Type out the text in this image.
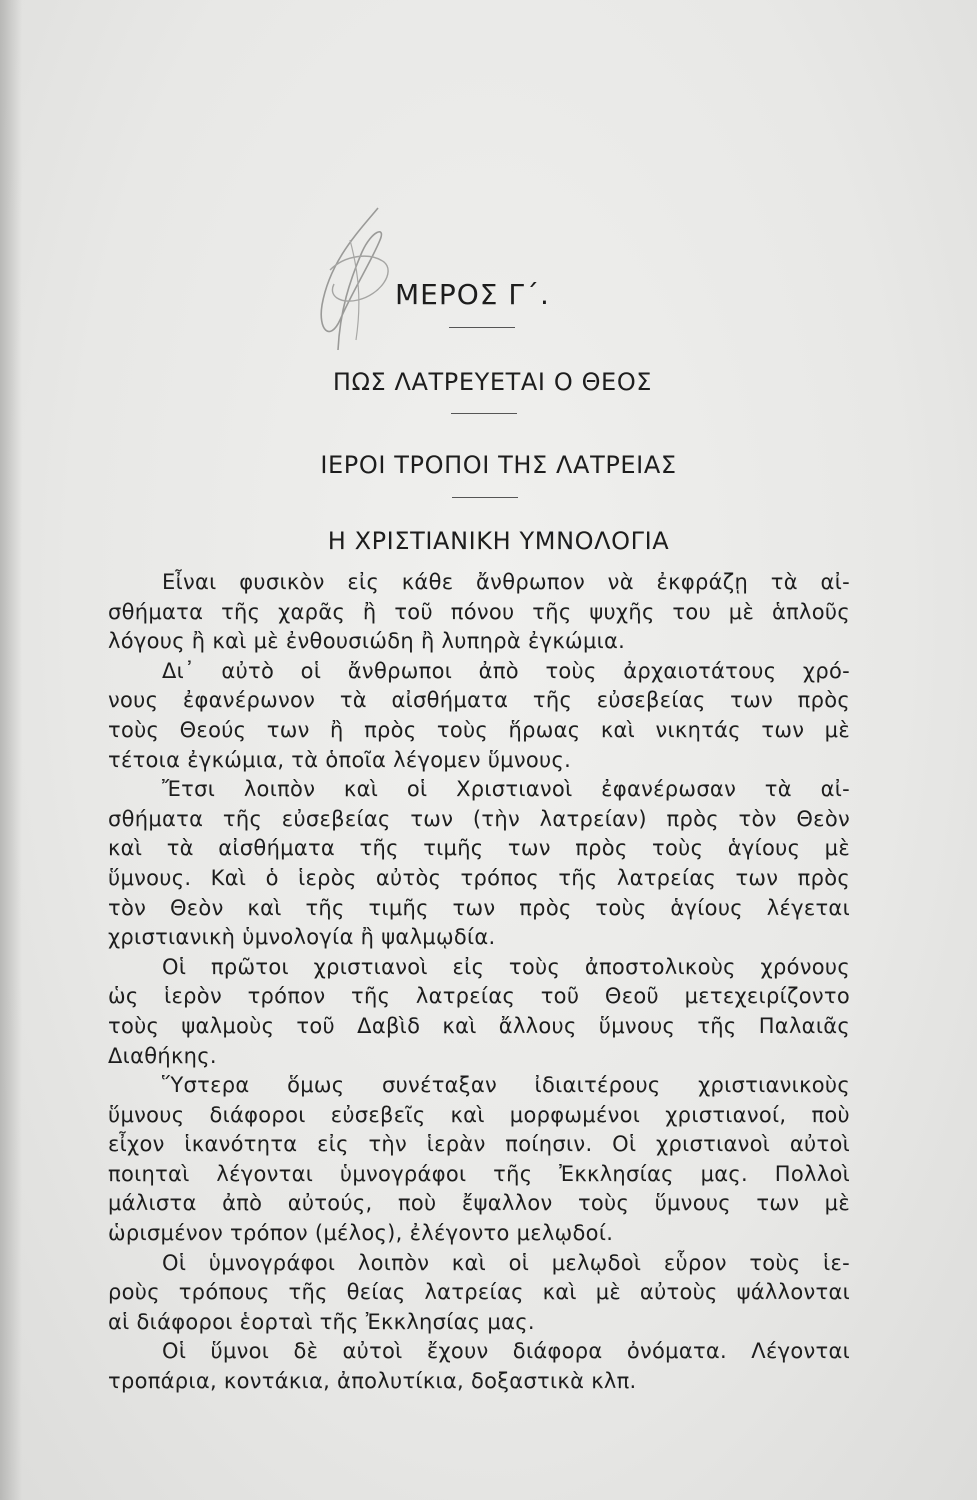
ΜΕΡΟΣ Γ΄.
ΠΩΣ ΛΑΤΡΕΥΕΤΑΙ Ο ΘΕΟΣ
ΙΕΡΟΙ ΤΡΟΠΟΙ ΤΗΣ ΛΑΤΡΕΙΑΣ
Η ΧΡΙΣΤΙΑΝΙΚΗ ΥΜΝΟΛΟΓΙΑ
Εἶναι φυσικὸν εἰς κάθε ἄνθρωπον νὰ ἐκφράζῃ τὰ αἰ-
σθήματα τῆς χαρᾶς ἢ τοῦ πόνου τῆς ψυχῆς του μὲ ἁπλοῦς
λόγους ἢ καὶ μὲ ἐνθουσιώδη ἢ λυπηρὰ ἐγκώμια.
Δι᾿ αὐτὸ οἱ ἄνθρωποι ἀπὸ τοὺς ἀρχαιοτάτους χρό-
νους ἐφανέρωνον τὰ αἰσθήματα τῆς εὐσεβείας των πρὸς
τοὺς Θεούς των ἢ πρὸς τοὺς ἥρωας καὶ νικητάς των μὲ
τέτοια ἐγκώμια, τὰ ὁποῖα λέγομεν ὕμνους.
Ἔτσι λοιπὸν καὶ οἱ Χριστιανοὶ ἐφανέρωσαν τὰ αἰ-
σθήματα τῆς εὐσεβείας των (τὴν λατρείαν) πρὸς τὸν Θεὸν
καὶ τὰ αἰσθήματα τῆς τιμῆς των πρὸς τοὺς ἁγίους μὲ
ὕμνους. Καὶ ὁ ἱερὸς αὐτὸς τρόπος τῆς λατρείας των πρὸς
τὸν Θεὸν καὶ τῆς τιμῆς των πρὸς τοὺς ἁγίους λέγεται
χριστιανικὴ ὑμνολογία ἢ ψαλμῳδία.
Οἱ πρῶτοι χριστιανοὶ εἰς τοὺς ἀποστολικοὺς χρόνους
ὡς ἱερὸν τρόπον τῆς λατρείας τοῦ Θεοῦ μετεχειρίζοντο
τοὺς ψαλμοὺς τοῦ Δαβὶδ καὶ ἄλλους ὕμνους τῆς Παλαιᾶς
Διαθήκης.
Ὕστερα ὅμως συνέταξαν ἰδιαιτέρους χριστιανικοὺς
ὕμνους διάφοροι εὐσεβεῖς καὶ μορφωμένοι χριστιανοί, ποὺ
εἶχον ἱκανότητα εἰς τὴν ἱερὰν ποίησιν. Οἱ χριστιανοὶ αὐτοὶ
ποιηταὶ λέγονται ὑμνογράφοι τῆς Ἐκκλησίας μας. Πολλοὶ
μάλιστα ἀπὸ αὐτούς, ποὺ ἔψαλλον τοὺς ὕμνους των μὲ
ὡρισμένον τρόπον (μέλος), ἐλέγοντο μελῳδοί.
Οἱ ὑμνογράφοι λοιπὸν καὶ οἱ μελῳδοὶ εὗρον τοὺς ἱε-
ροὺς τρόπους τῆς θείας λατρείας καὶ μὲ αὐτοὺς ψάλλονται
αἱ διάφοροι ἑορταὶ τῆς Ἐκκλησίας μας.
Οἱ ὕμνοι δὲ αὐτοὶ ἔχουν διάφορα ὀνόματα. Λέγονται
τροπάρια, κοντάκια, ἀπολυτίκια, δοξαστικὰ κλπ.
